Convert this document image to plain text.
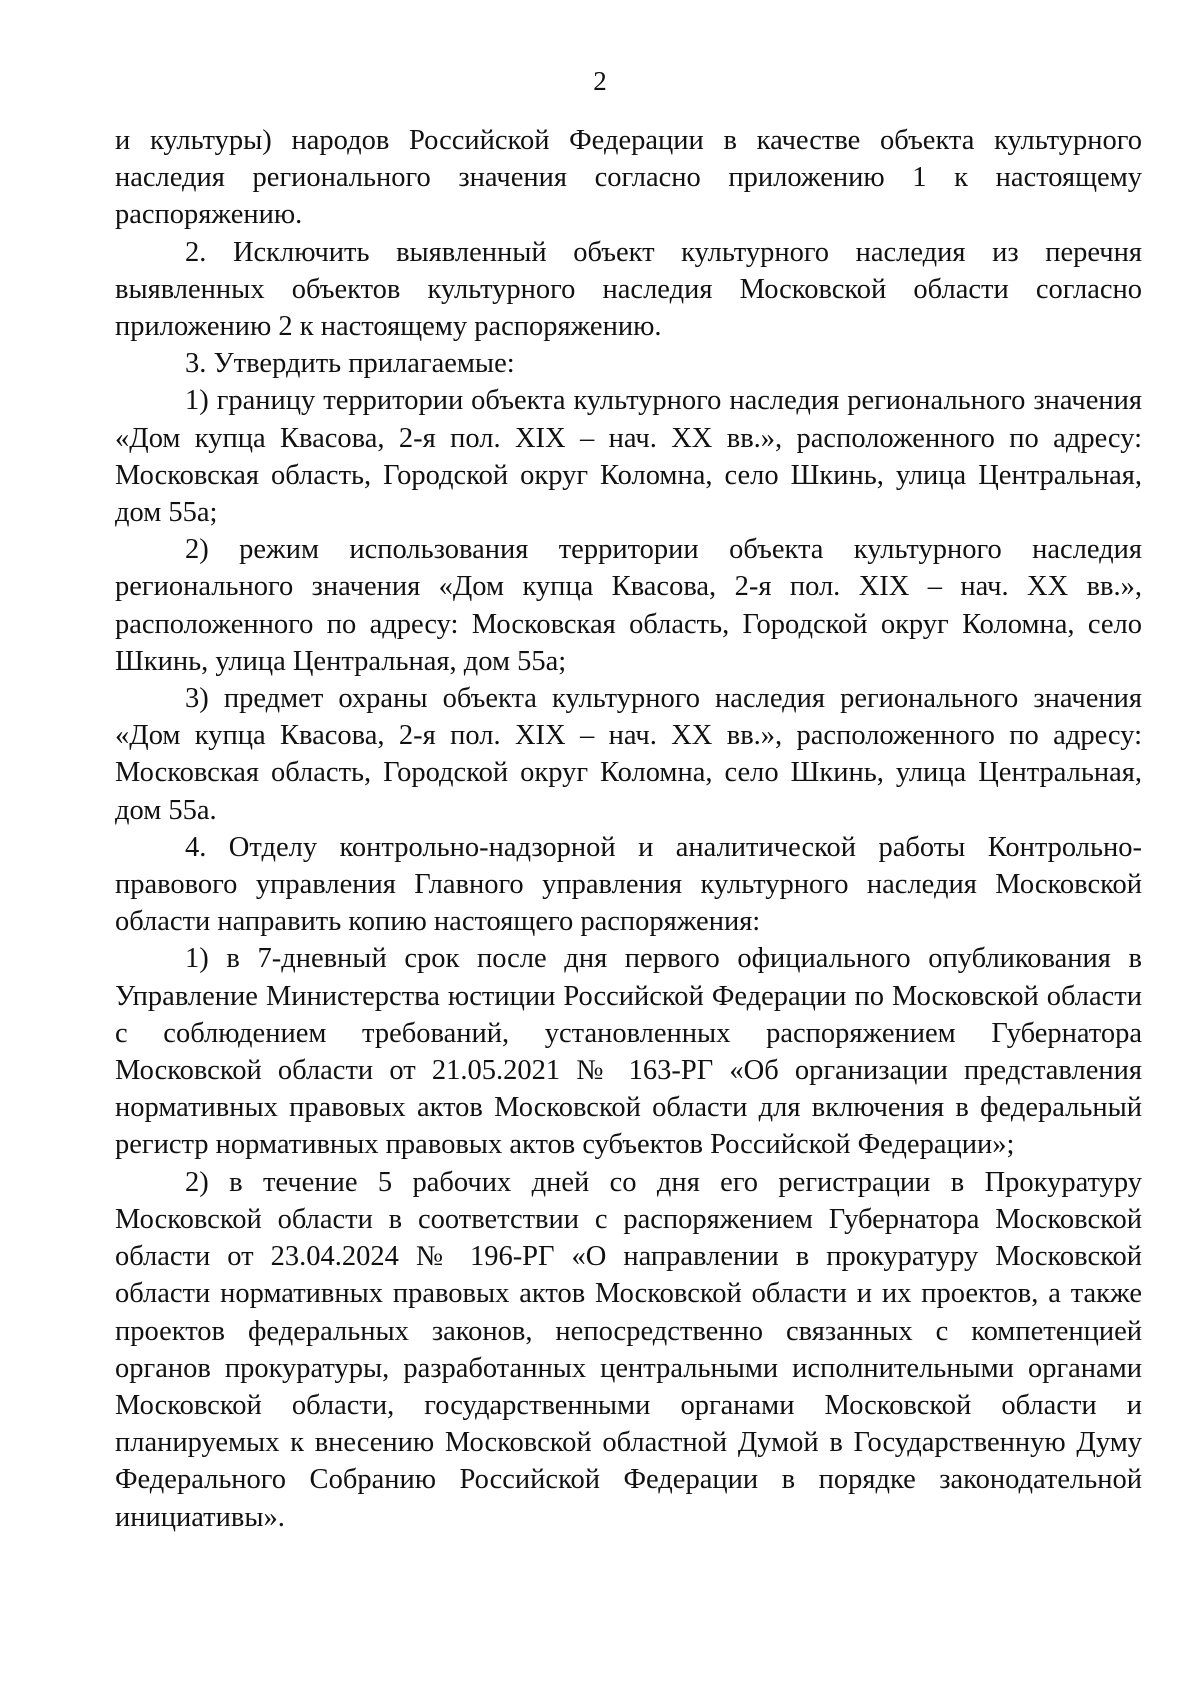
2

и культуры) народов Российской Федерации в качестве объекта культурного наследия регионального значения согласно приложению 1 к настоящему распоряжению.

2. Исключить выявленный объект культурного наследия из перечня выявленных объектов культурного наследия Московской области согласно приложению 2 к настоящему распоряжению.

3. Утвердить прилагаемые:

1) границу территории объекта культурного наследия регионального значения «Дом купца Квасова, 2-я пол. XIX – нач. XX вв.», расположенного по адресу: Московская область, Городской округ Коломна, село Шкинь, улица Центральная, дом 55а;

2) режим использования территории объекта культурного наследия регионального значения «Дом купца Квасова, 2-я пол. XIX – нач. XX вв.», расположенного по адресу: Московская область, Городской округ Коломна, село Шкинь, улица Центральная, дом 55а;

3) предмет охраны объекта культурного наследия регионального значения «Дом купца Квасова, 2-я пол. XIX – нач. XX вв.», расположенного по адресу: Московская область, Городской округ Коломна, село Шкинь, улица Центральная, дом 55а.

4. Отделу контрольно-надзорной и аналитической работы Контрольно-правового управления Главного управления культурного наследия Московской области направить копию настоящего распоряжения:

1) в 7-дневный срок после дня первого официального опубликования в Управление Министерства юстиции Российской Федерации по Московской области с соблюдением требований, установленных распоряжением Губернатора Московской области от 21.05.2021 № 163-РГ «Об организации представления нормативных правовых актов Московской области для включения в федеральный регистр нормативных правовых актов субъектов Российской Федерации»;

2) в течение 5 рабочих дней со дня его регистрации в Прокуратуру Московской области в соответствии с распоряжением Губернатора Московской области от 23.04.2024 № 196-РГ «О направлении в прокуратуру Московской области нормативных правовых актов Московской области и их проектов, а также проектов федеральных законов, непосредственно связанных с компетенцией органов прокуратуры, разработанных центральными исполнительными органами Московской области, государственными органами Московской области и планируемых к внесению Московской областной Думой в Государственную Думу Федерального Собранию Российской Федерации в порядке законодательной инициативы».
